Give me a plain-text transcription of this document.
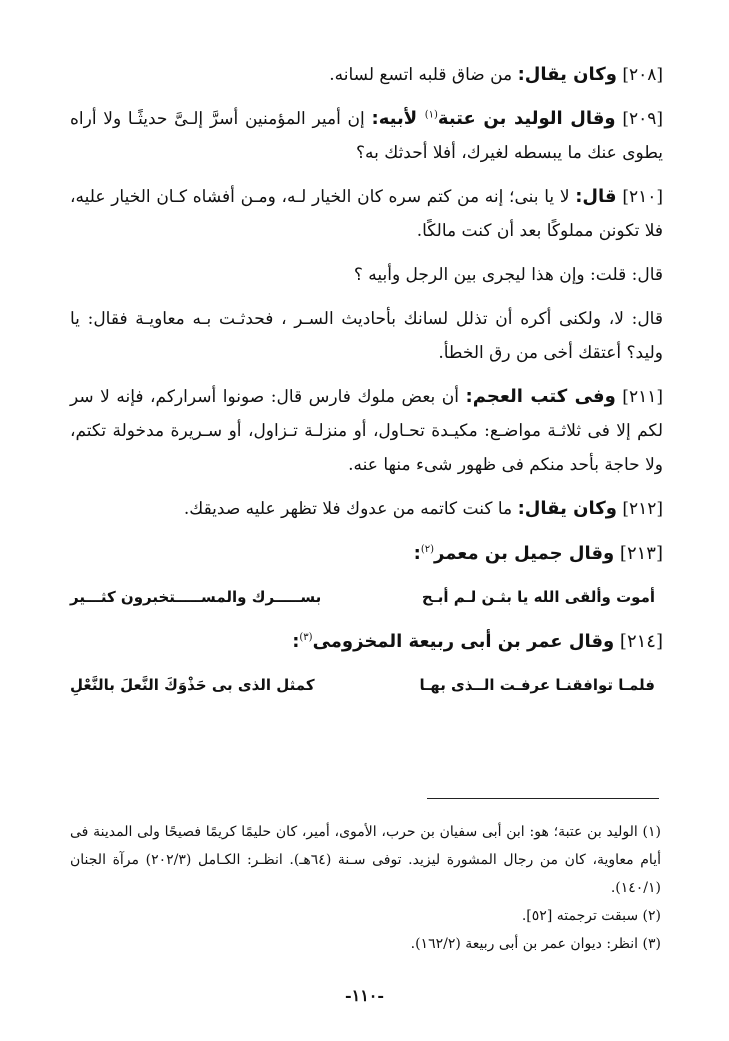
[٢٠٨] وكان يقال: من ضاق قلبه اتسع لسانه.

[٢٠٩] وقال الوليد بن عتبة$^{(١)}$ لأبيه: إن أمير المؤمنين أسرَّ إلـىَّ حديثًـا ولا أراه يطوى عنك ما يبسطه لغيرك، أفلا أحدثك به؟

[٢١٠] قال: لا يا بنى؛ إنه من كتم سره كان الخيار لـه، ومـن أفشاه كـان الخيار عليه، فلا تكونن مملوكًا بعد أن كنت مالكًا.

قال: قلت: وإن هذا ليجرى بين الرجل وأبيه ؟

قال: لا، ولكنى أكره أن تذلل لسانك بأحاديث السـر ، فحدثـت بـه معاويـة فقال: يا وليد؟ أعتقك أخى من رق الخطأ.

[٢١١] وفى كتب العجم: أن بعض ملوك فارس قال: صونوا أسراركم، فإنه لا سر لكم إلا فى ثلاثـة مواضـع: مكيـدة تحـاول، أو منزلـة تـزاول، أو سـريرة مدخولة تكتم، ولا حاجة بأحد منكم فى ظهور شىء منها عنه.

[٢١٢] وكان يقال: ما كنت كاتمه من عدوك فلا تظهر عليه صديقك.

[٢١٣] وقال جميل بن معمر$^{(٢)}$:

أموت وألقى الله يا بثـن لـم أبـح
بســـــرك والمســـــتخبرون كثـــير

[٢١٤] وقال عمر بن أبى ربيعة المخزومى$^{(٣)}$:

فلمـا توافقنـا عرفـت الــذى بهـا
كمثل الذى بى حَذْوَكَ النَّعلَ بالنَّعْلِ

(١) الوليد بن عتبة؛ هو: ابن أبى سفيان بن حرب، الأموى، أمير، كان حليمًا كريمًا فصيحًا ولى المدينة فى أيام معاوية، كان من رجال المشورة ليزيد. توفى سـنة (٦٤هـ). انظـر: الكـامل (٢٠٢/٣) مرآة الجنان (١٤٠/١).

(٢) سبقت ترجمته [٥٢].

(٣) انظر: ديوان عمر بن أبى ربيعة (١٦٢/٢).

-١١٠-
